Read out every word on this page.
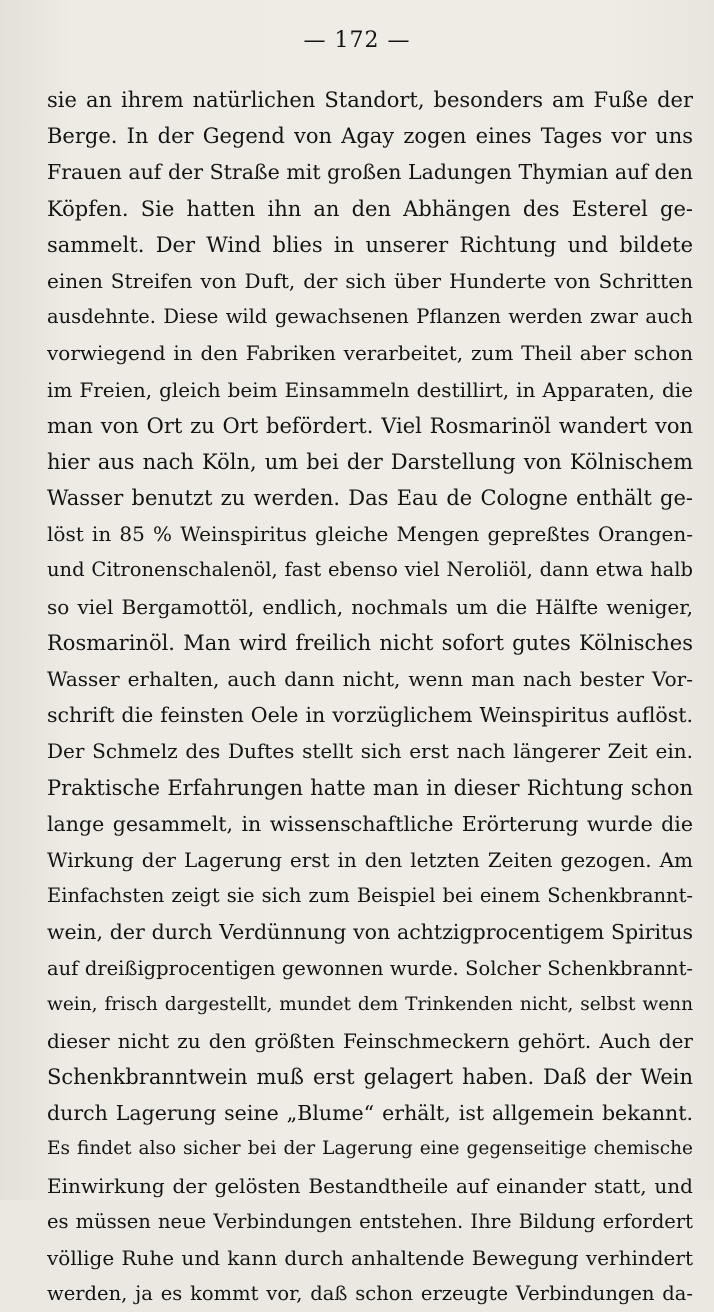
— 172 —
sie an ihrem natürlichen Standort, besonders am Fuße der
Berge. In der Gegend von Agay zogen eines Tages vor uns
Frauen auf der Straße mit großen Ladungen Thymian auf den
Köpfen. Sie hatten ihn an den Abhängen des Esterel ge-
sammelt. Der Wind blies in unserer Richtung und bildete
einen Streifen von Duft, der sich über Hunderte von Schritten
ausdehnte. Diese wild gewachsenen Pflanzen werden zwar auch
vorwiegend in den Fabriken verarbeitet, zum Theil aber schon
im Freien, gleich beim Einsammeln destillirt, in Apparaten, die
man von Ort zu Ort befördert. Viel Rosmarinöl wandert von
hier aus nach Köln, um bei der Darstellung von Kölnischem
Wasser benutzt zu werden. Das Eau de Cologne enthält ge-
löst in 85 % Weinspiritus gleiche Mengen gepreßtes Orangen-
und Citronenschalenöl, fast ebenso viel Neroliöl, dann etwa halb
so viel Bergamottöl, endlich, nochmals um die Hälfte weniger,
Rosmarinöl. Man wird freilich nicht sofort gutes Kölnisches
Wasser erhalten, auch dann nicht, wenn man nach bester Vor-
schrift die feinsten Oele in vorzüglichem Weinspiritus auflöst.
Der Schmelz des Duftes stellt sich erst nach längerer Zeit ein.
Praktische Erfahrungen hatte man in dieser Richtung schon
lange gesammelt, in wissenschaftliche Erörterung wurde die
Wirkung der Lagerung erst in den letzten Zeiten gezogen. Am
Einfachsten zeigt sie sich zum Beispiel bei einem Schenkbrannt-
wein, der durch Verdünnung von achtzigprocentigem Spiritus
auf dreißigprocentigen gewonnen wurde. Solcher Schenkbrannt-
wein, frisch dargestellt, mundet dem Trinkenden nicht, selbst wenn
dieser nicht zu den größten Feinschmeckern gehört. Auch der
Schenkbranntwein muß erst gelagert haben. Daß der Wein
durch Lagerung seine „Blume“ erhält, ist allgemein bekannt.
Es findet also sicher bei der Lagerung eine gegenseitige chemische
Einwirkung der gelösten Bestandtheile auf einander statt, und
es müssen neue Verbindungen entstehen. Ihre Bildung erfordert
völlige Ruhe und kann durch anhaltende Bewegung verhindert
werden, ja es kommt vor, daß schon erzeugte Verbindungen da-
